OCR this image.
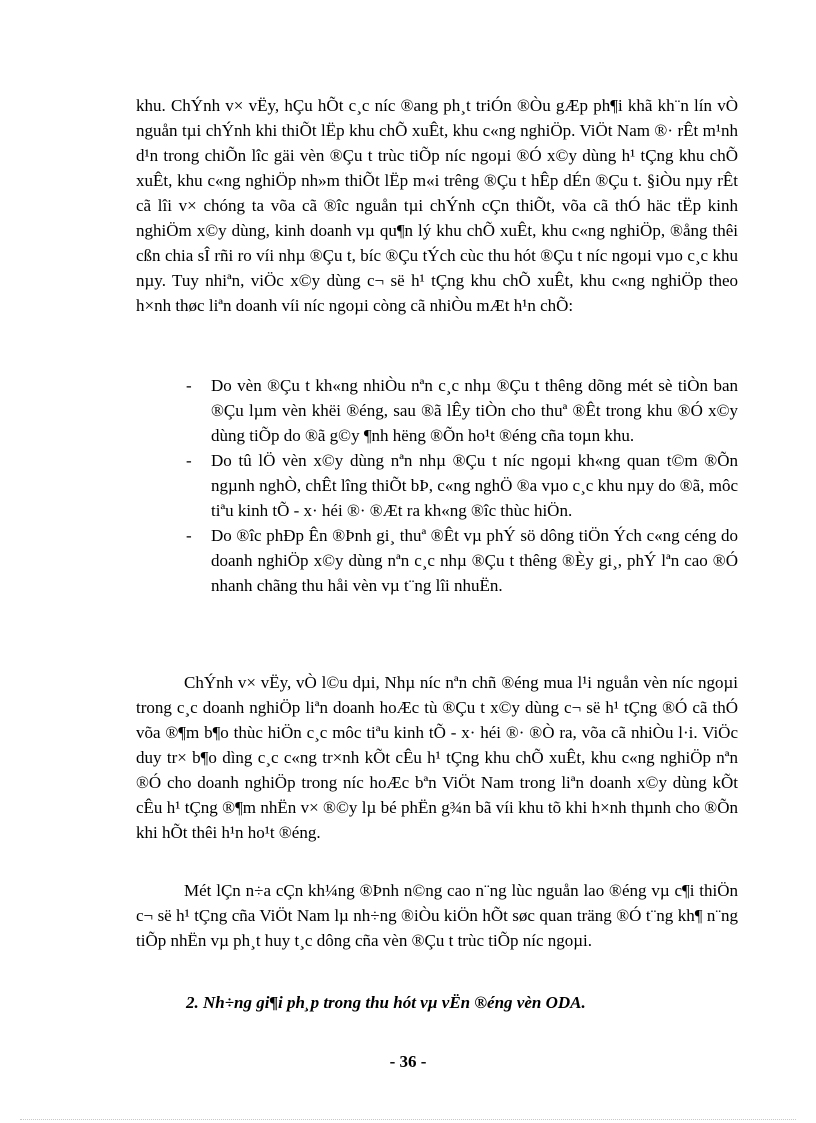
khu. ChÝnh v× vËy, hÇu hÕt c¸c níc ®ang ph¸t triÓn ®Òu gÆp ph¶i khã kh¨n lín vÒ nguån tµi chÝnh khi thiÕt lËp khu chÕ xuÊt, khu c«ng nghiÖp. ViÖt Nam ®· rÊt m¹nh d¹n trong chiÕn lîc gäi vèn ®Çu t trùc tiÕp níc ngoµi ®Ó x©y dùng h¹ tÇng khu chÕ xuÊt, khu c«ng nghiÖp nh»m thiÕt lËp m«i trêng ®Çu t hÊp dÉn ®Çu t. §iÒu nµy rÊt cã lîi v× chóng ta võa cã ®îc nguån tµi chÝnh cÇn thiÕt, võa cã thÓ häc tËp kinh nghiÖm x©y dùng, kinh doanh vµ qu¶n lý khu chÕ xuÊt, khu c«ng nghiÖp, ®ång thêi cßn chia sÎ rñi ro víi nhµ ®Çu t, bíc ®Çu tÝch cùc thu hót ®Çu t níc ngoµi vµo c¸c khu nµy. Tuy nhiªn, viÖc x©y dùng c¬ së h¹ tÇng khu chÕ xuÊt, khu c«ng nghiÖp theo h×nh thøc liªn doanh víi níc ngoµi còng cã nhiÒu mÆt h¹n chÕ:

- Do vèn ®Çu t kh«ng nhiÒu nªn c¸c nhµ ®Çu t thêng dõng mét sè tiÒn ban ®Çu lµm vèn khëi ®éng, sau ®ã lÊy tiÒn cho thuª ®Êt trong khu ®Ó x©y dùng tiÕp do ®ã g©y ¶nh hëng ®Õn ho¹t ®éng cña toµn khu.
- Do tû lÖ vèn x©y dùng nªn nhµ ®Çu t níc ngoµi kh«ng quan t©m ®Õn ngµnh nghÒ, chÊt lîng thiÕt bÞ, c«ng nghÖ ®a vµo c¸c khu nµy do ®ã, môc tiªu kinh tÕ - x· héi ®· ®Æt ra kh«ng ®îc thùc hiÖn.
- Do ®îc phÐp Ên ®Þnh gi¸ thuª ®Êt vµ phÝ sö dông tiÖn Ých c«ng céng do doanh nghiÖp x©y dùng nªn c¸c nhµ ®Çu t thêng ®Èy gi¸, phÝ lªn cao ®Ó nhanh chãng thu håi vèn vµ t¨ng lîi nhuËn.

ChÝnh v× vËy, vÒ l©u dµi, Nhµ níc nªn chñ ®éng mua l¹i nguån vèn níc ngoµi trong c¸c doanh nghiÖp liªn doanh hoÆc tù ®Çu t x©y dùng c¬ së h¹ tÇng ®Ó cã thÓ võa ®¶m b¶o thùc hiÖn c¸c môc tiªu kinh tÕ - x· héi ®· ®Ò ra, võa cã nhiÒu l·i. ViÖc duy tr× b¶o dìng c¸c c«ng tr×nh kÕt cÊu h¹ tÇng khu chÕ xuÊt, khu c«ng nghiÖp nªn ®Ó cho doanh nghiÖp trong níc hoÆc bªn ViÖt Nam trong liªn doanh x©y dùng kÕt cÊu h¹ tÇng ®¶m nhËn v× ®©y lµ bé phËn g¾n bã víi khu tõ khi h×nh thµnh cho ®Õn khi hÕt thêi h¹n ho¹t ®éng.

Mét lÇn n÷a cÇn kh¼ng ®Þnh n©ng cao n¨ng lùc nguån lao ®éng vµ c¶i thiÖn c¬ së h¹ tÇng cña ViÖt Nam lµ nh÷ng ®iÒu kiÖn hÕt søc quan träng ®Ó t¨ng kh¶ n¨ng tiÕp nhËn vµ ph¸t huy t¸c dông cña vèn ®Çu t trùc tiÕp níc ngoµi.

2. Nh÷ng gi¶i ph¸p trong thu hót vµ vËn ®éng vèn ODA.

- 36 -
